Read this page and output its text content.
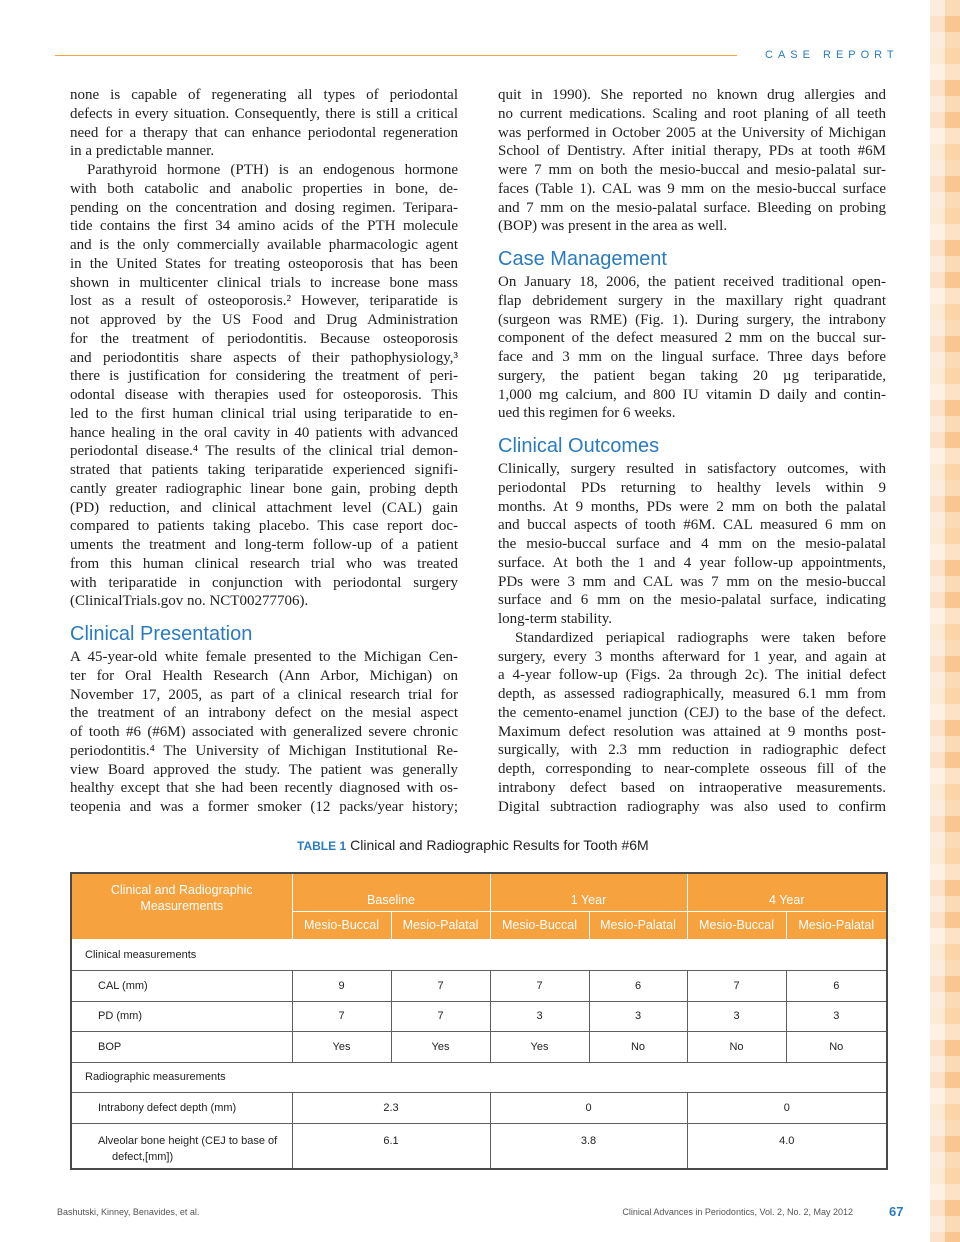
CASE REPORT
none is capable of regenerating all types of periodontal
defects in every situation. Consequently, there is still a critical
need for a therapy that can enhance periodontal regeneration
in a predictable manner.
Parathyroid hormone (PTH) is an endogenous hormone
with both catabolic and anabolic properties in bone, de-
pending on the concentration and dosing regimen. Teripara-
tide contains the first 34 amino acids of the PTH molecule
and is the only commercially available pharmacologic agent
in the United States for treating osteoporosis that has been
shown in multicenter clinical trials to increase bone mass
lost as a result of osteoporosis.² However, teriparatide is
not approved by the US Food and Drug Administration
for the treatment of periodontitis. Because osteoporosis
and periodontitis share aspects of their pathophysiology,³
there is justification for considering the treatment of peri-
odontal disease with therapies used for osteoporosis. This
led to the first human clinical trial using teriparatide to en-
hance healing in the oral cavity in 40 patients with advanced
periodontal disease.⁴ The results of the clinical trial demon-
strated that patients taking teriparatide experienced signifi-
cantly greater radiographic linear bone gain, probing depth
(PD) reduction, and clinical attachment level (CAL) gain
compared to patients taking placebo. This case report doc-
uments the treatment and long-term follow-up of a patient
from this human clinical research trial who was treated
with teriparatide in conjunction with periodontal surgery
(ClinicalTrials.gov no. NCT00277706).
Clinical Presentation
A 45-year-old white female presented to the Michigan Cen-
ter for Oral Health Research (Ann Arbor, Michigan) on
November 17, 2005, as part of a clinical research trial for
the treatment of an intrabony defect on the mesial aspect
of tooth #6 (#6M) associated with generalized severe chronic
periodontitis.⁴ The University of Michigan Institutional Re-
view Board approved the study. The patient was generally
healthy except that she had been recently diagnosed with os-
teopenia and was a former smoker (12 packs/year history;
quit in 1990). She reported no known drug allergies and
no current medications. Scaling and root planing of all teeth
was performed in October 2005 at the University of Michigan
School of Dentistry. After initial therapy, PDs at tooth #6M
were 7 mm on both the mesio-buccal and mesio-palatal sur-
faces (Table 1). CAL was 9 mm on the mesio-buccal surface
and 7 mm on the mesio-palatal surface. Bleeding on probing
(BOP) was present in the area as well.
Case Management
On January 18, 2006, the patient received traditional open-
flap debridement surgery in the maxillary right quadrant
(surgeon was RME) (Fig. 1). During surgery, the intrabony
component of the defect measured 2 mm on the buccal sur-
face and 3 mm on the lingual surface. Three days before
surgery, the patient began taking 20 µg teriparatide,
1,000 mg calcium, and 800 IU vitamin D daily and contin-
ued this regimen for 6 weeks.
Clinical Outcomes
Clinically, surgery resulted in satisfactory outcomes, with
periodontal PDs returning to healthy levels within 9
months. At 9 months, PDs were 2 mm on both the palatal
and buccal aspects of tooth #6M. CAL measured 6 mm on
the mesio-buccal surface and 4 mm on the mesio-palatal
surface. At both the 1 and 4 year follow-up appointments,
PDs were 3 mm and CAL was 7 mm on the mesio-buccal
surface and 6 mm on the mesio-palatal surface, indicating
long-term stability.
Standardized periapical radiographs were taken before
surgery, every 3 months afterward for 1 year, and again at
a 4-year follow-up (Figs. 2a through 2c). The initial defect
depth, as assessed radiographically, measured 6.1 mm from
the cemento-enamel junction (CEJ) to the base of the defect.
Maximum defect resolution was attained at 9 months post-
surgically, with 2.3 mm reduction in radiographic defect
depth, corresponding to near-complete osseous fill of the
intrabony defect based on intraoperative measurements.
Digital subtraction radiography was also used to confirm
TABLE 1 Clinical and Radiographic Results for Tooth #6M
Clinical and Radiographic Measurements	Baseline		1 Year		4 Year	
	Mesio-Buccal	Mesio-Palatal	Mesio-Buccal	Mesio-Palatal	Mesio-Buccal	Mesio-Palatal
Clinical measurements						
CAL (mm)	9	7	7	6	7	6
PD (mm)	7	7	3	3	3	3
BOP	Yes	Yes	Yes	No	No	No
Radiographic measurements						

Intrabony defect depth (mm)	2.3		0		0	

Alveolar bone height (CEJ to base of
defect,[mm])	6.1		3.8		4.0	
Bashutski, Kinney, Benavides, et al.	Clinical Advances in Periodontics, Vol. 2, No. 2, May 2012	67
